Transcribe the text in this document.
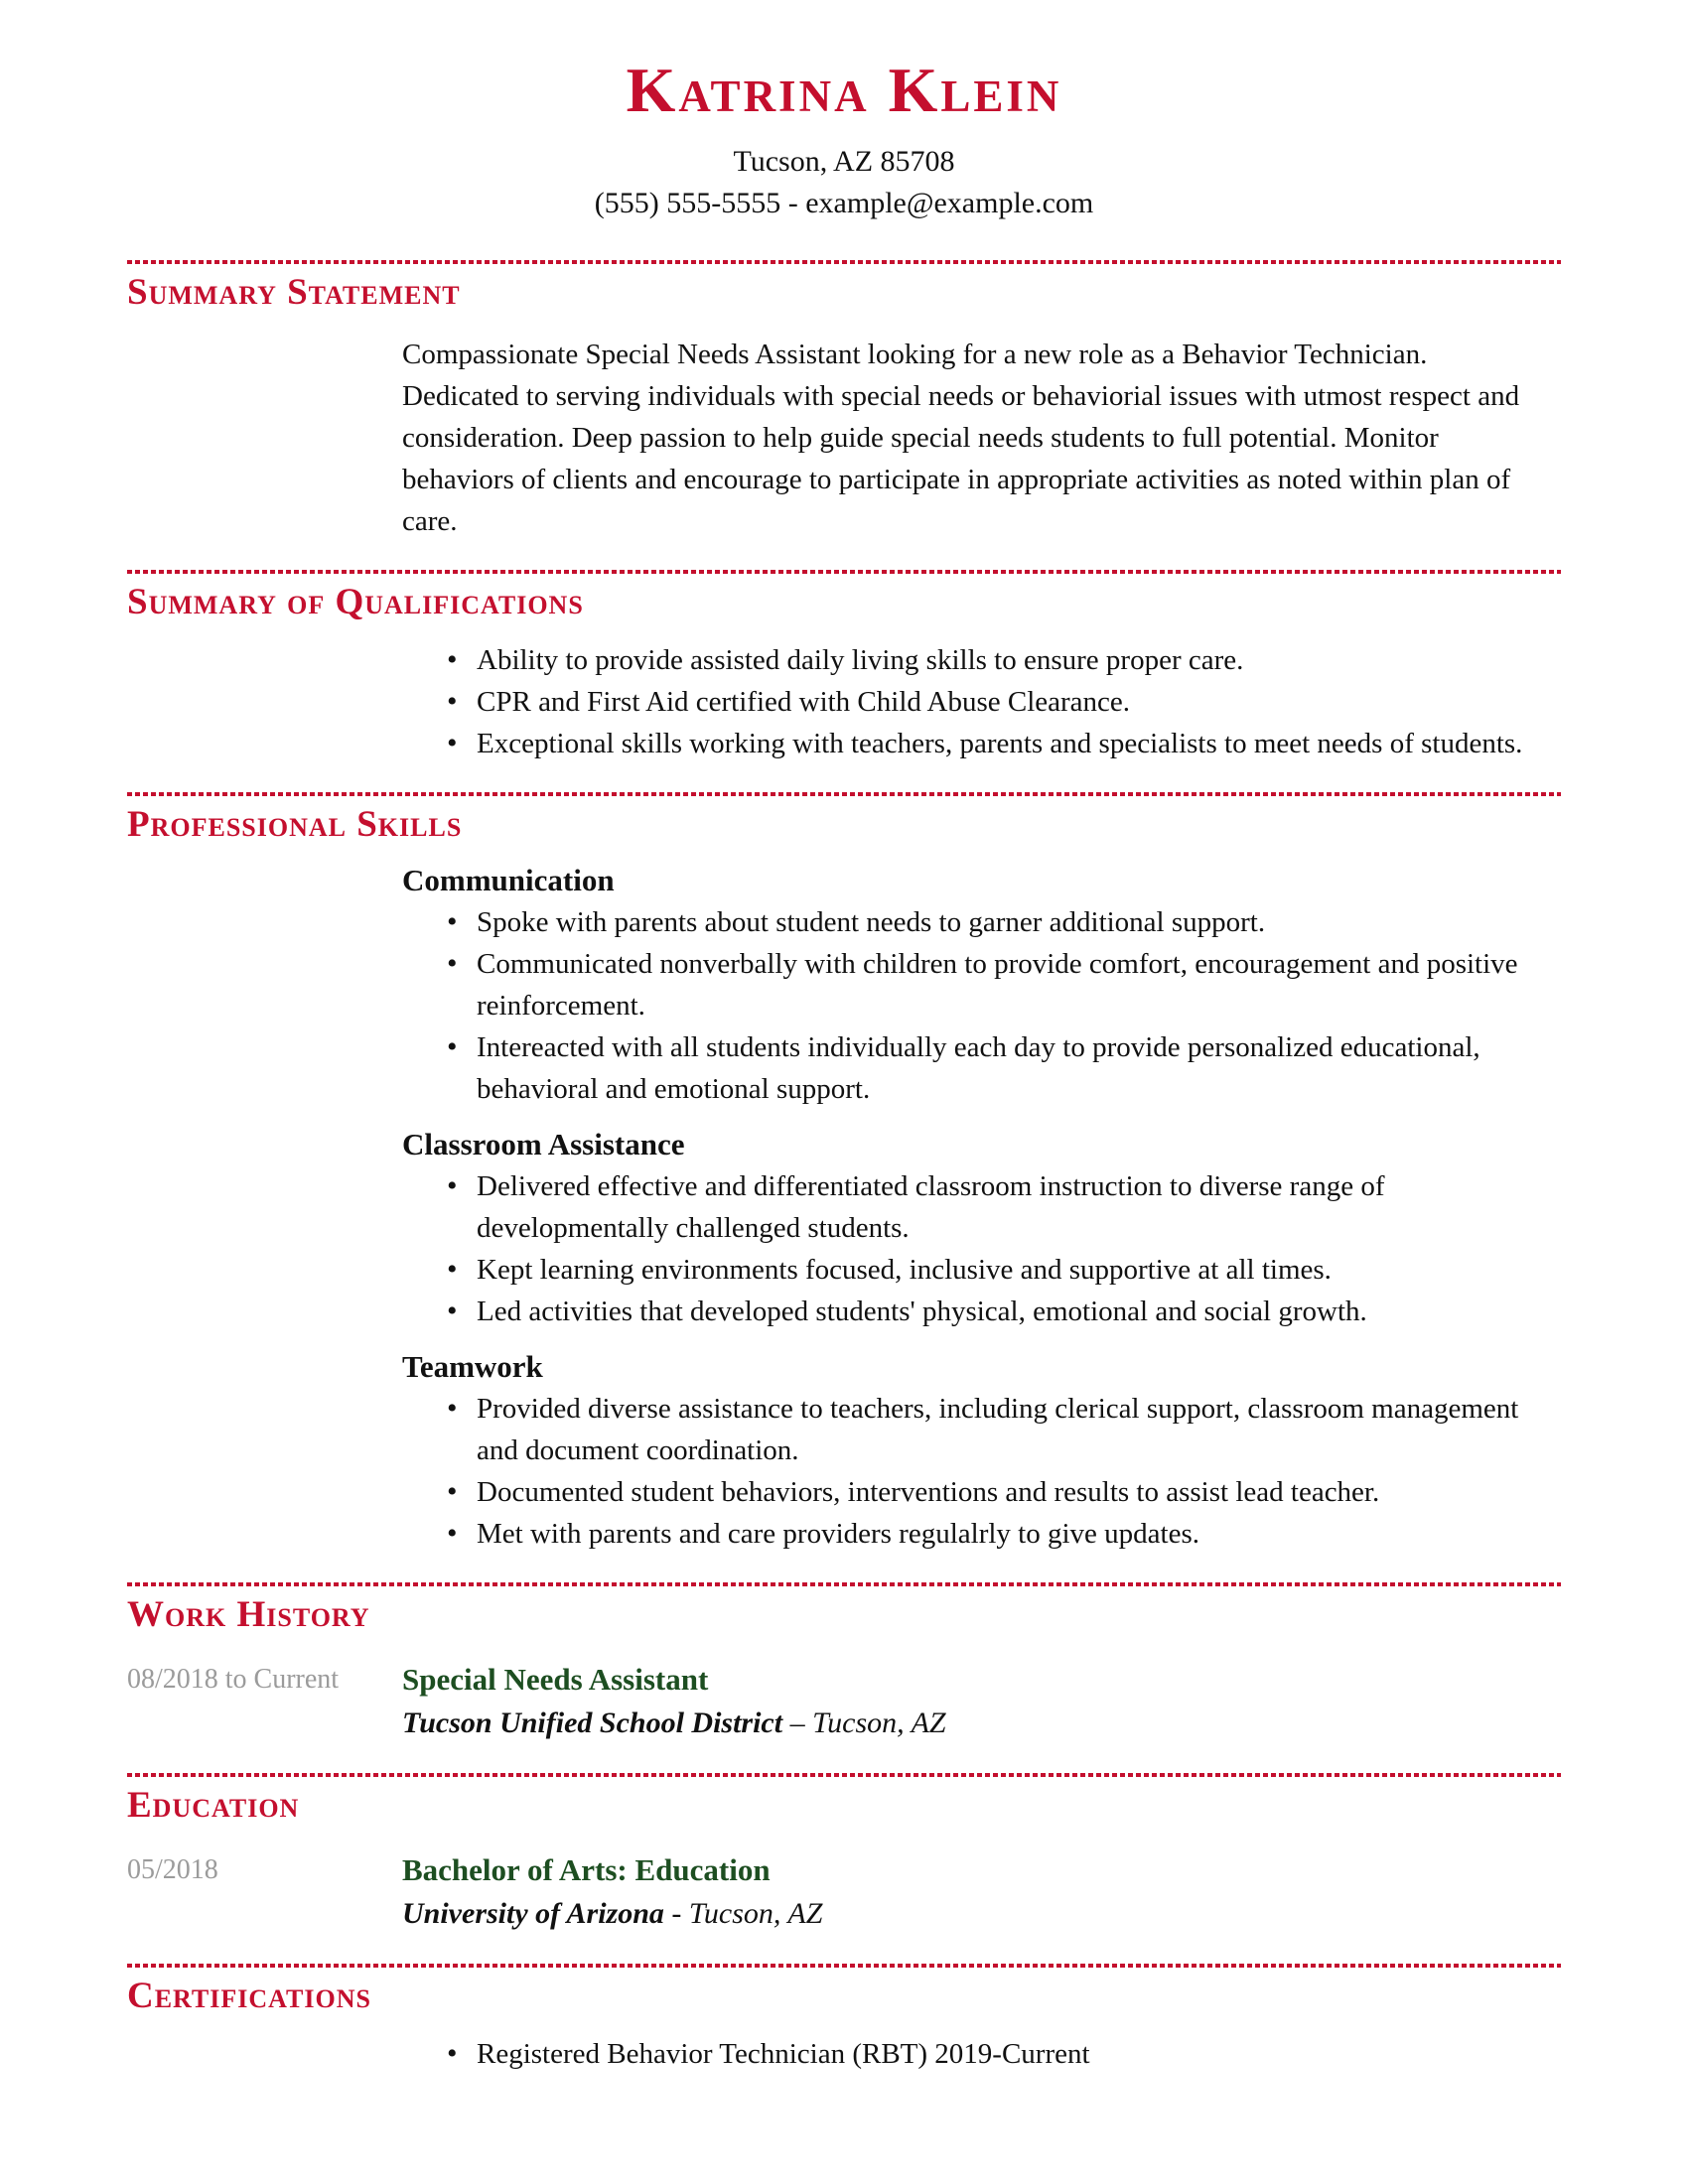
Katrina Klein
Tucson, AZ 85708
(555) 555-5555 - example@example.com
Summary Statement
Compassionate Special Needs Assistant looking for a new role as a Behavior Technician. Dedicated to serving individuals with special needs or behaviorial issues with utmost respect and consideration. Deep passion to help guide special needs students to full potential. Monitor behaviors of clients and encourage to participate in appropriate activities as noted within plan of care.
Summary of Qualifications
• Ability to provide assisted daily living skills to ensure proper care.
• CPR and First Aid certified with Child Abuse Clearance.
• Exceptional skills working with teachers, parents and specialists to meet needs of students.
Professional Skills
Communication
• Spoke with parents about student needs to garner additional support.
• Communicated nonverbally with children to provide comfort, encouragement and positive reinforcement.
• Intereacted with all students individually each day to provide personalized educational, behavioral and emotional support.
Classroom Assistance
• Delivered effective and differentiated classroom instruction to diverse range of developmentally challenged students.
• Kept learning environments focused, inclusive and supportive at all times.
• Led activities that developed students' physical, emotional and social growth.
Teamwork
• Provided diverse assistance to teachers, including clerical support, classroom management and document coordination.
• Documented student behaviors, interventions and results to assist lead teacher.
• Met with parents and care providers regulalrly to give updates.
Work History
08/2018 to Current	Special Needs Assistant
Tucson Unified School District – Tucson, AZ
Education
05/2018	Bachelor of Arts: Education
University of Arizona - Tucson, AZ
Certifications
• Registered Behavior Technician (RBT) 2019-Current
